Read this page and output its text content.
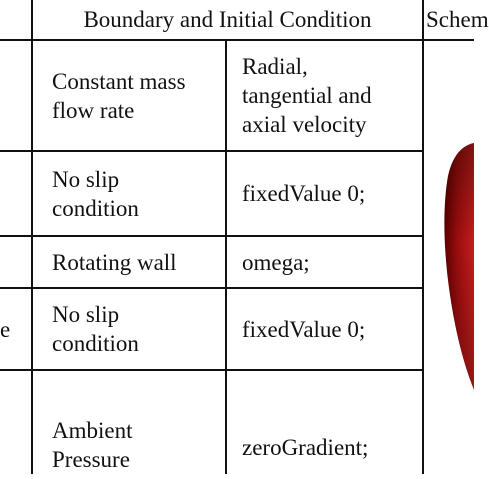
Boundary and Initial Condition Schem
Constant mass
flow rate
Radial,
tangential and
axial velocity
No slip
condition
fixedValue 0;
Rotating wall	omega;
e
No slip
condition
fixedValue 0;
Ambient
Pressure	zeroGradient;
